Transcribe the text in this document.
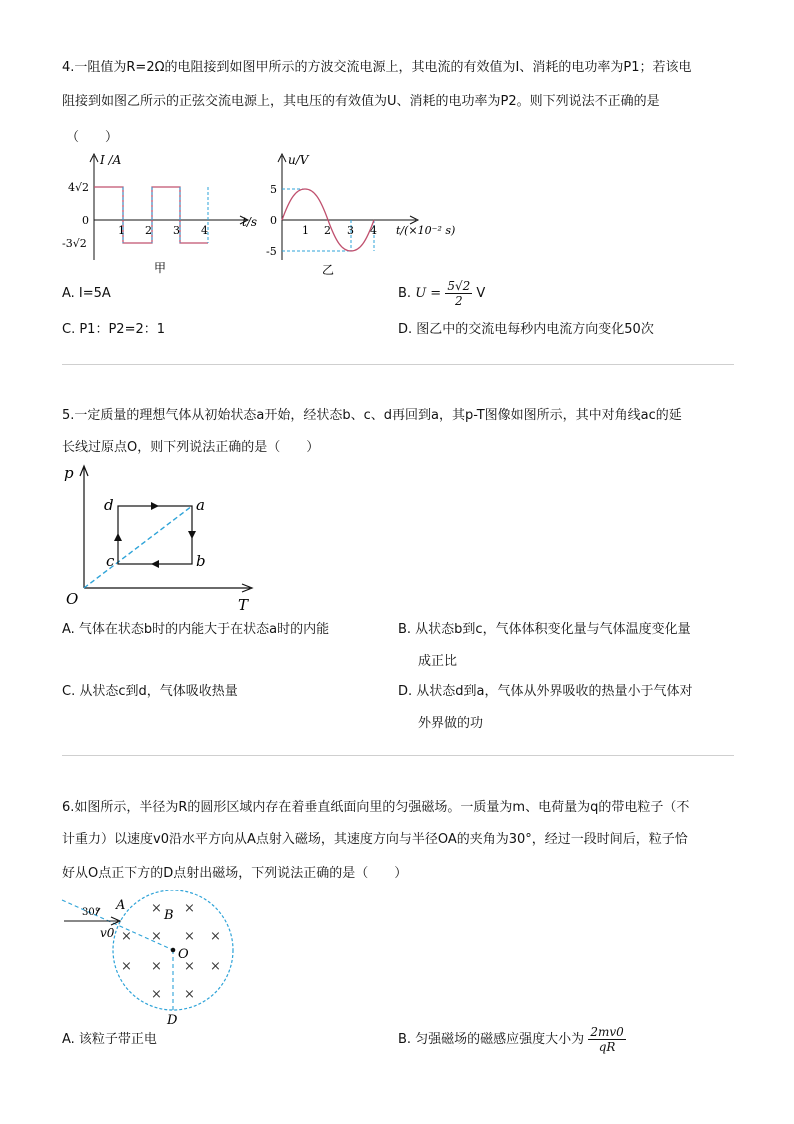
4.一阻值为R=2Ω的电阻接到如图甲所示的方波交流电源上，其电流的有效值为I、消耗的电功率为P1；若该电
阻接到如图乙所示的正弦交流电源上，其电压的有效值为U、消耗的电功率为P2。则下列说法不正确的是
（　　）
I /A
4√2
0
-3√2
1 2 3 4
t/s
甲
u/V
5
0
-5
1 2 3 4 t/(×10⁻² s)
乙
A. I=5A	B. $U = \frac{5√2}{2}$ V
C. P1：P2=2：1	D. 图乙中的交流电每秒内电流方向变化50次
5.一定质量的理想气体从初始状态a开始，经状态b、c、d再回到a，其p-T图像如图所示，其中对角线ac的延
长线过原点O，则下列说法正确的是（　　）
p
T
O
d	a
c	b
A. 气体在状态b时的内能大于在状态a时的内能	B. 从状态b到c，气体体积变化量与气体温度变化量
成正比
C. 从状态c到d，气体吸收热量	D. 从状态d到a，气体从外界吸收的热量小于气体对
外界做的功
6.如图所示，半径为R的圆形区域内存在着垂直纸面向里的匀强磁场。一质量为m、电荷量为q的带电粒子（不
计重力）以速度v0沿水平方向从A点射入磁场，其速度方向与半径OA的夹角为30°，经过一段时间后，粒子恰
好从O点正下方的D点射出磁场，下列说法正确的是（　　）
30°
v0
A
B
O
D
× ×
×	× ×
×
× × × ×
× ×
A. 该粒子带正电	B. 匀强磁场的磁感应强度大小为 $\frac{2mv0}{qR}$
